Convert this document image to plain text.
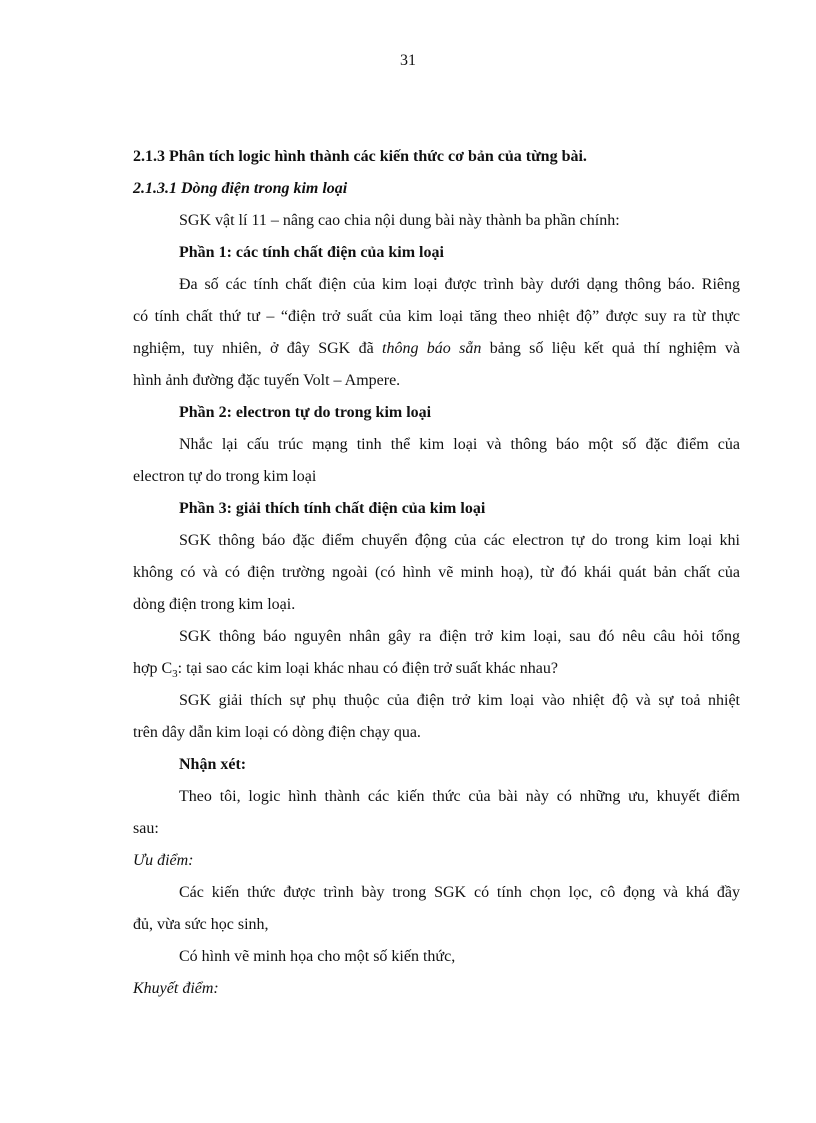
31
2.1.3 Phân tích logic hình thành các kiến thức cơ bản của từng bài.
2.1.3.1 Dòng điện trong kim loại
SGK vật lí 11 – nâng cao chia nội dung bài này thành ba phần chính:
Phần 1: các tính chất điện của kim loại
Đa số các tính chất điện của kim loại được trình bày dưới dạng thông báo. Riêng
có tính chất thứ tư – “điện trở suất của kim loại tăng theo nhiệt độ” được suy ra từ thực
nghiệm, tuy nhiên, ở đây SGK đã thông báo sẵn bảng số liệu kết quả thí nghiệm và
hình ảnh đường đặc tuyến Volt – Ampere.
Phần 2: electron tự do trong kim loại
Nhắc lại cấu trúc mạng tinh thể kim loại và thông báo một số đặc điểm của
electron tự do trong kim loại
Phần 3: giải thích tính chất điện của kim loại
SGK thông báo đặc điểm chuyển động của các electron tự do trong kim loại khi
không có và có điện trường ngoài (có hình vẽ minh hoạ), từ đó khái quát bản chất của
dòng điện trong kim loại.
SGK thông báo nguyên nhân gây ra điện trở kim loại, sau đó nêu câu hỏi tổng
hợp $C_3$: tại sao các kim loại khác nhau có điện trở suất khác nhau?
SGK giải thích sự phụ thuộc của điện trở kim loại vào nhiệt độ và sự toả nhiệt
trên dây dẫn kim loại có dòng điện chạy qua.
Nhận xét:
Theo tôi, logic hình thành các kiến thức của bài này có những ưu, khuyết điểm
sau:
Ưu điểm:
Các kiến thức được trình bày trong SGK có tính chọn lọc, cô đọng và khá đầy
đủ, vừa sức học sinh,
Có hình vẽ minh họa cho một số kiến thức,
Khuyết điểm:
